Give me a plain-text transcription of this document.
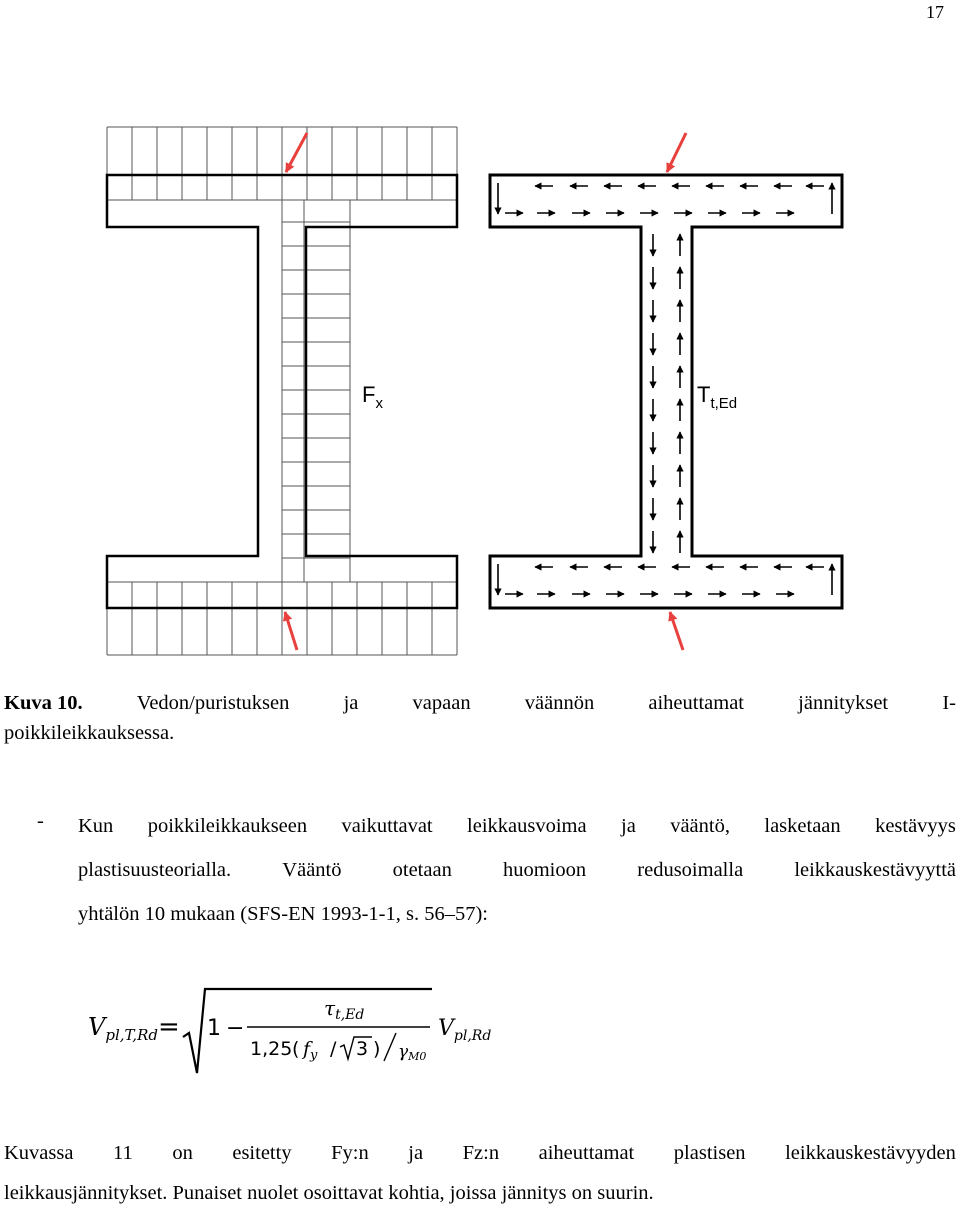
17
$F_x$	$T_{t,Ed}$
Kuva 10.	Vedon/puristuksen	ja	vapaan	väännön	aiheuttamat	jännitykset	I-
poikkileikkauksessa.
- Kun poikkileikkaukseen vaikuttavat leikkausvoima ja vääntö, lasketaan kestävyys
plastisuusteorialla. Vääntö otetaan huomioon redusoimalla leikkauskestävyyttä
yhtälön 10 mukaan (SFS-EN 1993-1-1, s. 56–57):
$V_{pl,T,Rd} = 1$ −
$\tau_{t,Ed}$
1,25 ( $f_y / 3$ ) γM0
$V_{pl,Rd}$
Kuvassa 11 on esitetty Fy:n ja Fz:n aiheuttamat plastisen leikkauskestävyyden
leikkausjännitykset. Punaiset nuolet osoittavat kohtia, joissa jännitys on suurin.
